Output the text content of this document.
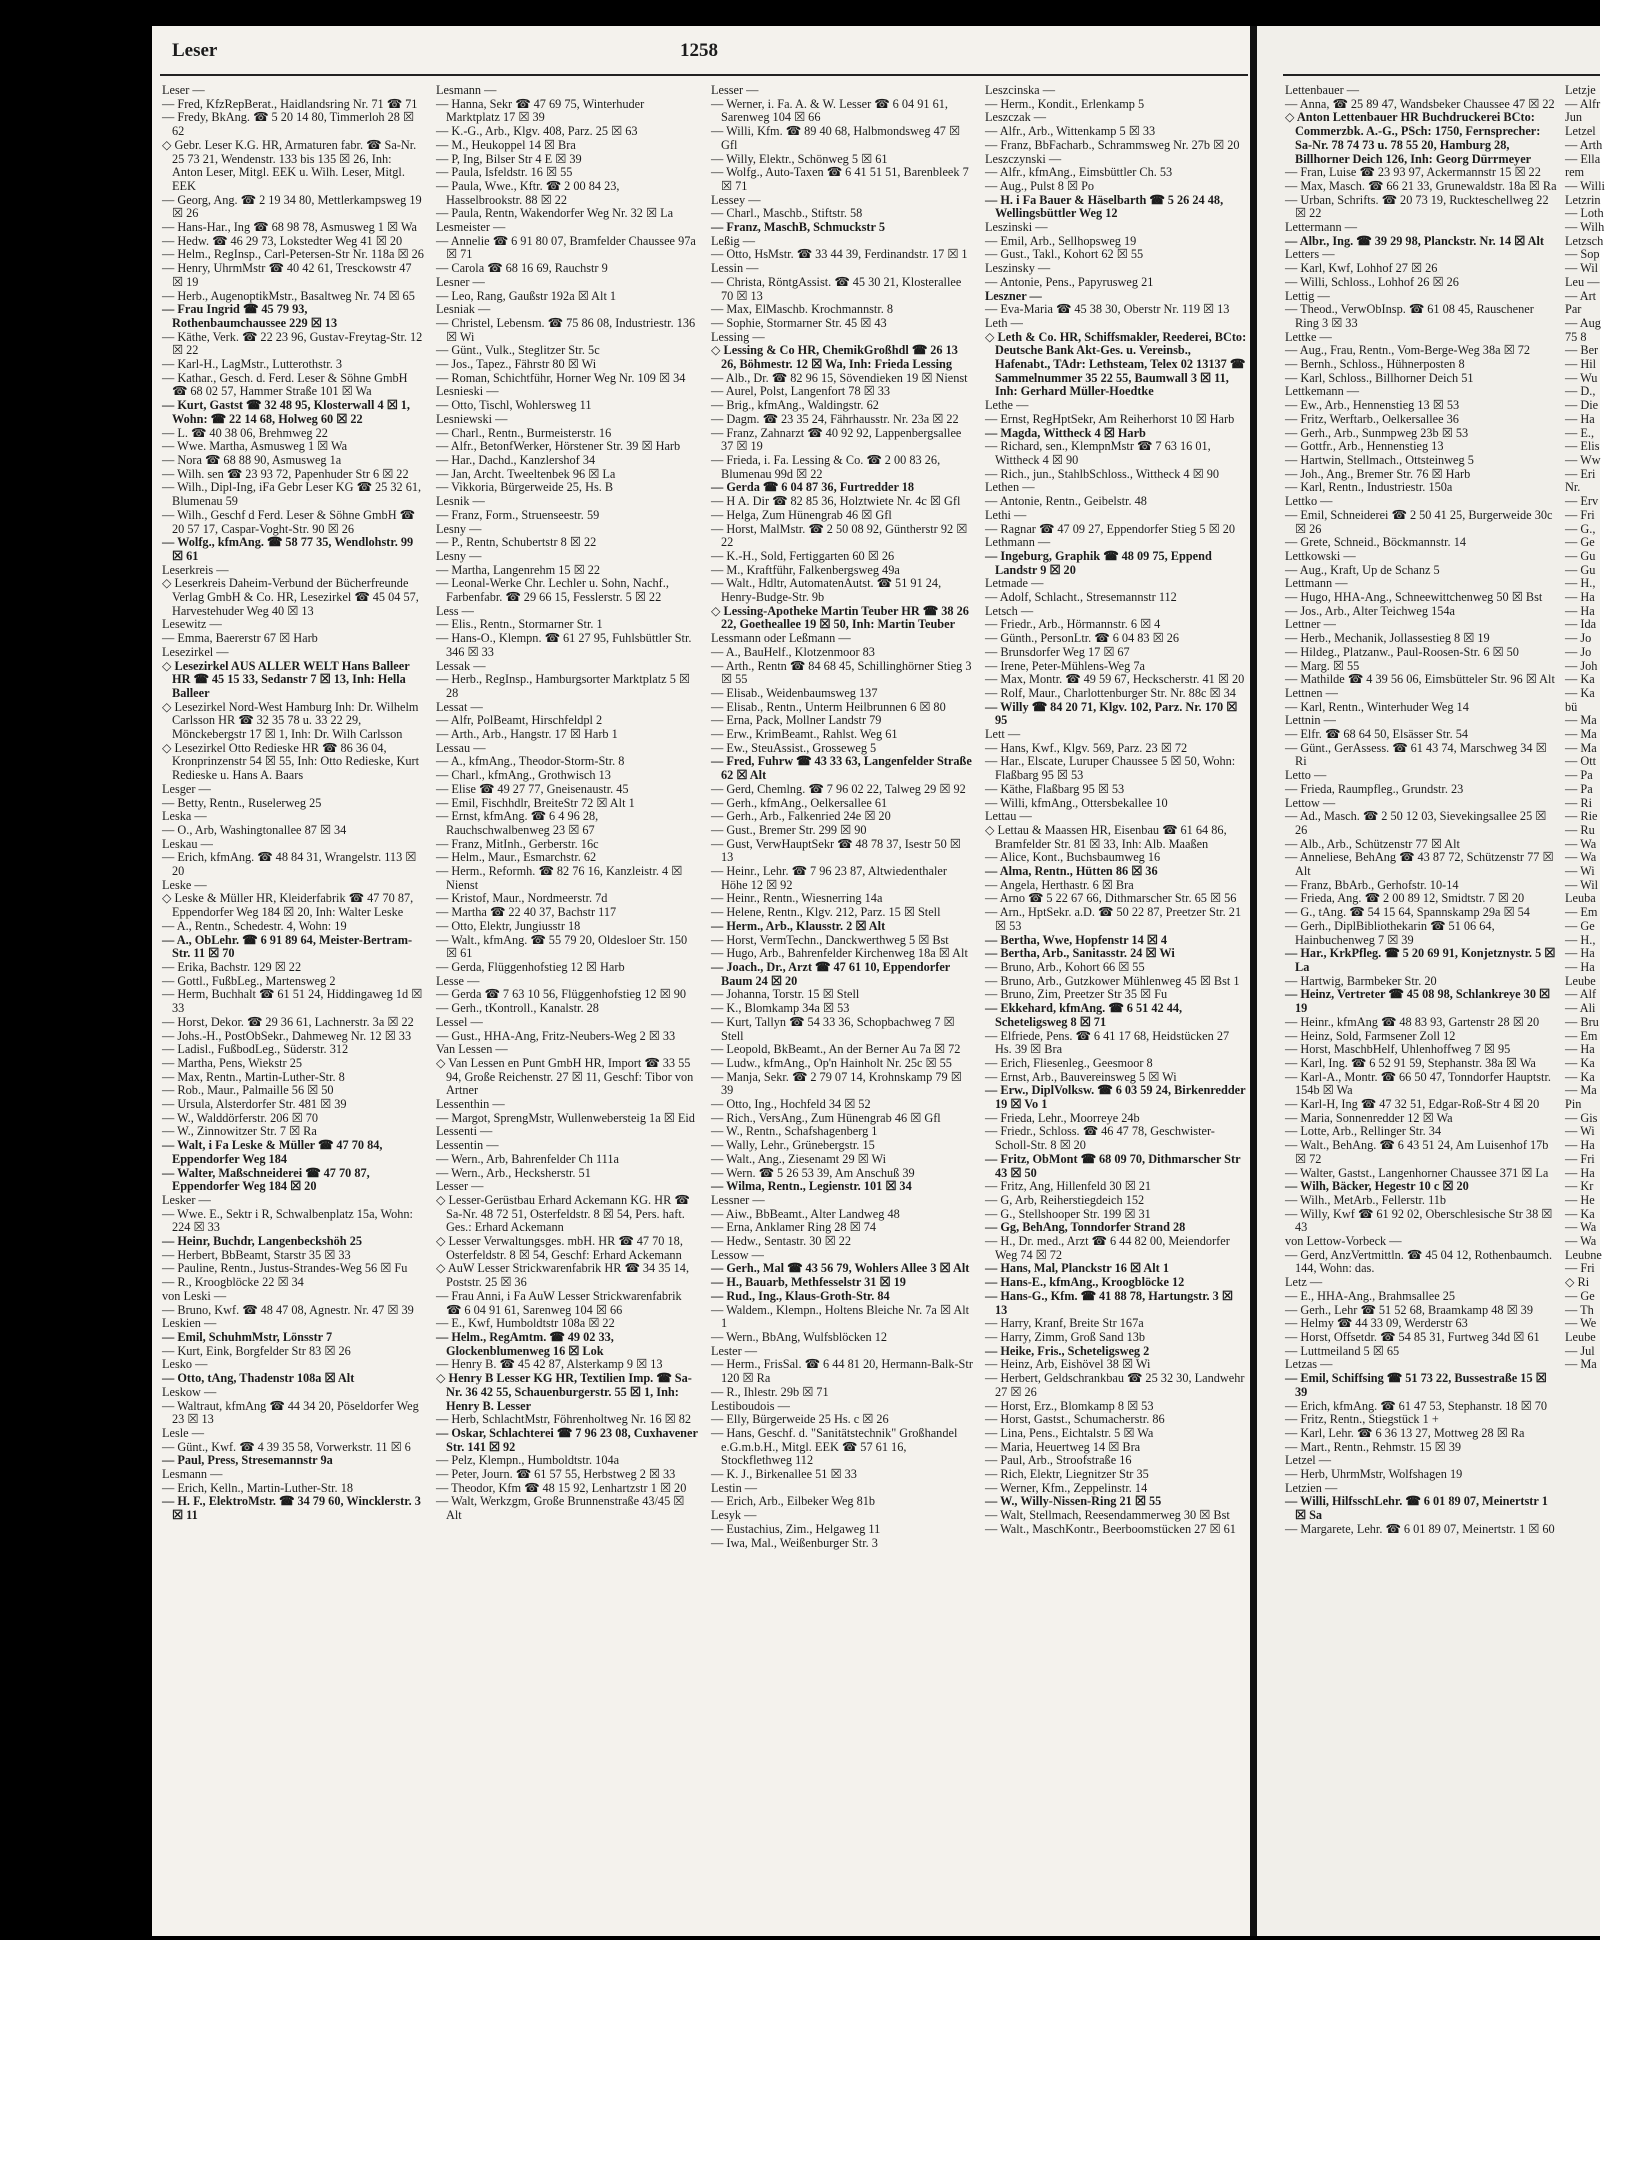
Leser	1258

Leser —

— Fred, KfzRepBerat., Haidlandsring Nr. 71 ☎ 71

— Fredy, BkAng. ☎ 5 20 14 80, Timmerloh 28 ☒ 62

◇ Gebr. Leser K.G. HR, Armaturen fabr. ☎ Sa-Nr. 25 73 21, Wendenstr. 133 bis 135 ☒ 26, Inh: Anton Leser, Mitgl. EEK u. Wilh. Leser, Mitgl. EEK

— Georg, Ang. ☎ 2 19 34 80, Mettlerkampsweg 19 ☒ 26

— Hans-Har., Ing ☎ 68 98 78, Asmusweg 1 ☒ Wa

— Hedw. ☎ 46 29 73, Lokstedter Weg 41 ☒ 20

— Helm., RegInsp., Carl-Petersen-Str Nr. 118a ☒ 26

— Henry, UhrmMstr ☎ 40 42 61, Tresckowstr 47 ☒ 19

— Herb., AugenoptikMstr., Basaltweg Nr. 74 ☒ 65

— Frau Ingrid ☎ 45 79 93, Rothenbaumchaussee 229 ☒ 13

— Käthe, Verk. ☎ 22 23 96, Gustav-Freytag-Str. 12 ☒ 22

— Karl-H., LagMstr., Lutterothstr. 3

— Kathar., Gesch. d. Ferd. Leser & Söhne GmbH ☎ 68 02 57, Hammer Straße 101 ☒ Wa

— Kurt, Gastst ☎ 32 48 95, Klosterwall 4 ☒ 1, Wohn: ☎ 22 14 68, Holweg 60 ☒ 22

— L. ☎ 40 38 06, Brehmweg 22

— Wwe. Martha, Asmusweg 1 ☒ Wa

— Nora ☎ 68 88 90, Asmusweg 1a

— Wilh. sen ☎ 23 93 72, Papenhuder Str 6 ☒ 22

— Wilh., Dipl-Ing, iFa Gebr Leser KG ☎ 25 32 61, Blumenau 59

— Wilh., Geschf d Ferd. Leser & Söhne GmbH ☎ 20 57 17, Caspar-Voght-Str. 90 ☒ 26

— Wolfg., kfmAng. ☎ 58 77 35, Wendlohstr. 99 ☒ 61

Leserkreis —

◇ Leserkreis Daheim-Verbund der Bücherfreunde Verlag GmbH & Co. HR, Lesezirkel ☎ 45 04 57, Harvestehuder Weg 40 ☒ 13

Lesewitz —

— Emma, Baererstr 67 ☒ Harb

Lesezirkel —

◇ Lesezirkel AUS ALLER WELT Hans Balleer HR ☎ 45 15 33, Sedanstr 7 ☒ 13, Inh: Hella Balleer

◇ Lesezirkel Nord-West Hamburg Inh: Dr. Wilhelm Carlsson HR ☎ 32 35 78 u. 33 22 29, Mönckebergstr 17 ☒ 1, Inh: Dr. Wilh Carlsson

◇ Lesezirkel Otto Redieske HR ☎ 86 36 04, Kronprinzenstr 54 ☒ 55, Inh: Otto Redieske, Kurt Redieske u. Hans A. Baars

Lesger —

— Betty, Rentn., Ruselerweg 25

Leska —

— O., Arb, Washingtonallee 87 ☒ 34

Leskau —

— Erich, kfmAng. ☎ 48 84 31, Wrangelstr. 113 ☒ 20

Leske —

◇ Leske & Müller HR, Kleiderfabrik ☎ 47 70 87, Eppendorfer Weg 184 ☒ 20, Inh: Walter Leske

— A., Rentn., Schedestr. 4, Wohn: 19

— A., ObLehr. ☎ 6 91 89 64, Meister-Bertram-Str. 11 ☒ 70

— Erika, Bachstr. 129 ☒ 22

— Gottl., FußbLeg., Martensweg 2

— Herm, Buchhalt ☎ 61 51 24, Hiddingaweg 1d ☒ 33

— Horst, Dekor. ☎ 29 36 61, Lachnerstr. 3a ☒ 22

— Johs.-H., PostObSekr., Dahmeweg Nr. 12 ☒ 33

— Ladisl., FußbodLeg., Süderstr. 312

— Martha, Pens, Wiekstr 25

— Max, Rentn., Martin-Luther-Str. 8

— Rob., Maur., Palmaille 56 ☒ 50

— Ursula, Alsterdorfer Str. 481 ☒ 39

— W., Walddörferstr. 206 ☒ 70

— W., Zinnowitzer Str. 7 ☒ Ra

— Walt, i Fa Leske & Müller ☎ 47 70 84, Eppendorfer Weg 184

— Walter, Maßschneiderei ☎ 47 70 87, Eppendorfer Weg 184 ☒ 20

Lesker —

— Wwe. E., Sektr i R, Schwalbenplatz 15a, Wohn: 224 ☒ 33

— Heinr, Buchdr, Langenbeckshöh 25

— Herbert, BbBeamt, Starstr 35 ☒ 33

— Pauline, Rentn., Justus-Strandes-Weg 56 ☒ Fu

— R., Kroogblöcke 22 ☒ 34

von Leski —

— Bruno, Kwf. ☎ 48 47 08, Agnestr. Nr. 47 ☒ 39

Leskien —

— Emil, SchuhmMstr, Lönsstr 7

— Kurt, Eink, Borgfelder Str 83 ☒ 26

Lesko —

— Otto, tAng, Thadenstr 108a ☒ Alt

Leskow —

— Waltraut, kfmAng ☎ 44 34 20, Pöseldorfer Weg 23 ☒ 13

Lesle —

— Günt., Kwf. ☎ 4 39 35 58, Vorwerkstr. 11 ☒ 6

— Paul, Press, Stresemannstr 9a

Lesmann —

— Erich, Kelln., Martin-Luther-Str. 18

— H. F., ElektroMstr. ☎ 34 79 60, Wincklerstr. 3 ☒ 11

Lesmann —

— Hanna, Sekr ☎ 47 69 75, Winterhuder Marktplatz 17 ☒ 39

— K.-G., Arb., Klgv. 408, Parz. 25 ☒ 63

— M., Heukoppel 14 ☒ Bra

— P, Ing, Bilser Str 4 E ☒ 39

— Paula, Isfeldstr. 16 ☒ 55

— Paula, Wwe., Kftr. ☎ 2 00 84 23, Hasselbrookstr. 88 ☒ 22

— Paula, Rentn, Wakendorfer Weg Nr. 32 ☒ La

Lesmeister —

— Annelie ☎ 6 91 80 07, Bramfelder Chaussee 97a ☒ 71

— Carola ☎ 68 16 69, Rauchstr 9

Lesner —

— Leo, Rang, Gaußstr 192a ☒ Alt 1

Lesniak —

— Christel, Lebensm. ☎ 75 86 08, Industriestr. 136 ☒ Wi

— Günt., Vulk., Steglitzer Str. 5c

— Jos., Tapez., Fährstr 80 ☒ Wi

— Roman, Schichtführ, Horner Weg Nr. 109 ☒ 34

Lesnieski —

— Otto, Tischl, Wohlersweg 11

Lesniewski —

— Charl., Rentn., Burmeisterstr. 16

— Alfr., BetonfWerker, Hörstener Str. 39 ☒ Harb

— Har., Dachd., Kanzlershof 34

— Jan, Archt. Tweeltenbek 96 ☒ La

— Vikkoria, Bürgerweide 25, Hs. B

Lesnik —

— Franz, Form., Struenseestr. 59

Lesny —

— P., Rentn, Schubertstr 8 ☒ 22

Lesny —

— Martha, Langenrehm 15 ☒ 22

— Leonal-Werke Chr. Lechler u. Sohn, Nachf., Farbenfabr. ☎ 29 66 15, Fesslerstr. 5 ☒ 22

Less —

— Elis., Rentn., Stormarner Str. 1

— Hans-O., Klempn. ☎ 61 27 95, Fuhlsbüttler Str. 346 ☒ 33

Lessak —

— Herb., RegInsp., Hamburgsorter Marktplatz 5 ☒ 28

Lessat —

— Alfr, PolBeamt, Hirschfeldpl 2

— Arth., Arb., Hangstr. 17 ☒ Harb 1

Lessau —

— A., kfmAng., Theodor-Storm-Str. 8

— Charl., kfmAng., Grothwisch 13

— Elise ☎ 49 27 77, Gneisenaustr. 45

— Emil, Fischhdlr, BreiteStr 72 ☒ Alt 1

— Ernst, kfmAng. ☎ 6 4 96 28, Rauchschwalbenweg 23 ☒ 67

— Franz, MitInh., Gerberstr. 16c

— Helm., Maur., Esmarchstr. 62

— Herm., Reformh. ☎ 82 76 16, Kanzleistr. 4 ☒ Nienst

— Kristof, Maur., Nordmeerstr. 7d

— Martha ☎ 22 40 37, Bachstr 117

— Otto, Elektr, Jungiusstr 18

— Walt., kfmAng. ☎ 55 79 20, Oldesloer Str. 150 ☒ 61

— Gerda, Flüggenhofstieg 12 ☒ Harb

Lesse —

— Gerda ☎ 7 63 10 56, Flüggenhofstieg 12 ☒ 90

— Gerh., tKontroll., Kanalstr. 28

Lessel —

— Gust., HHA-Ang, Fritz-Neubers-Weg 2 ☒ 33

Van Lessen —

◇ Van Lessen en Punt GmbH HR, Import ☎ 33 55 94, Große Reichenstr. 27 ☒ 11, Geschf: Tibor von Artner

Lessenthin —

— Margot, SprengMstr, Wullenwebersteig 1a ☒ Eid

Lessenti —

Lessentin —

— Wern., Arb, Bahrenfelder Ch 111a

— Wern., Arb., Hecksherstr. 51

Lesser —

◇ Lesser-Gerüstbau Erhard Ackemann KG. HR ☎ Sa-Nr. 48 72 51, Osterfeldstr. 8 ☒ 54, Pers. haft. Ges.: Erhard Ackemann

◇ Lesser Verwaltungsges. mbH. HR ☎ 47 70 18, Osterfeldstr. 8 ☒ 54, Geschf: Erhard Ackemann

◇ AuW Lesser Strickwarenfabrik HR ☎ 34 35 14, Poststr. 25 ☒ 36

— Frau Anni, i Fa AuW Lesser Strickwarenfabrik ☎ 6 04 91 61, Sarenweg 104 ☒ 66

— E., Kwf, Humboldtstr 108a ☒ 22

— Helm., RegAmtm. ☎ 49 02 33, Glockenblumenweg 16 ☒ Lok

— Henry B. ☎ 45 42 87, Alsterkamp 9 ☒ 13

◇ Henry B Lesser KG HR, Textilien Imp. ☎ Sa-Nr. 36 42 55, Schauenburgerstr. 55 ☒ 1, Inh: Henry B. Lesser

— Herb, SchlachtMstr, Föhrenholtweg Nr. 16 ☒ 82

— Oskar, Schlachterei ☎ 7 96 23 08, Cuxhavener Str. 141 ☒ 92

— Pelz, Klempn., Humboldtstr. 104a

— Peter, Journ. ☎ 61 57 55, Herbstweg 2 ☒ 33

— Theodor, Kfm ☎ 48 15 92, Lenhartzstr 1 ☒ 20

— Walt, Werkzgm, Große Brunnenstraße 43/45 ☒ Alt

Lesser —

— Werner, i. Fa. A. & W. Lesser ☎ 6 04 91 61, Sarenweg 104 ☒ 66

— Willi, Kfm. ☎ 89 40 68, Halbmondsweg 47 ☒ Gfl

— Willy, Elektr., Schönweg 5 ☒ 61

— Wolfg., Auto-Taxen ☎ 6 41 51 51, Barenbleek 7 ☒ 71

Lessey —

— Charl., Maschb., Stiftstr. 58

— Franz, MaschB, Schmuckstr 5

Leßig —

— Otto, HsMstr. ☎ 33 44 39, Ferdinandstr. 17 ☒ 1

Lessin —

— Christa, RöntgAssist. ☎ 45 30 21, Klosterallee 70 ☒ 13

— Max, ElMaschb. Krochmannstr. 8

— Sophie, Stormarner Str. 45 ☒ 43

Lessing —

◇ Lessing & Co HR, ChemikGroßhdl ☎ 26 13 26, Böhmestr. 12 ☒ Wa, Inh: Frieda Lessing

— Alb., Dr. ☎ 82 96 15, Sövendieken 19 ☒ Nienst

— Aurel, Polst, Langenfort 78 ☒ 33

— Brig., kfmAng., Waldingstr. 62

— Dagm. ☎ 23 35 24, Fährhausstr. Nr. 23a ☒ 22

— Franz, Zahnarzt ☎ 40 92 92, Lappenbergsallee 37 ☒ 19

— Frieda, i. Fa. Lessing & Co. ☎ 2 00 83 26, Blumenau 99d ☒ 22

— Gerda ☎ 6 04 87 36, Furtredder 18

— H A. Dir ☎ 82 85 36, Holztwiete Nr. 4c ☒ Gfl

— Helga, Zum Hünengrab 46 ☒ Gfl

— Horst, MalMstr. ☎ 2 50 08 92, Güntherstr 92 ☒ 22

— K.-H., Sold, Fertiggarten 60 ☒ 26

— M., Kraftführ, Falkenbergsweg 49a

— Walt., Hdltr, AutomatenAutst. ☎ 51 91 24, Henry-Budge-Str. 9b

◇ Lessing-Apotheke Martin Teuber HR ☎ 38 26 22, Goetheallee 19 ☒ 50, Inh: Martin Teuber

Lessmann oder Leßmann —

— A., BauHelf., Klotzenmoor 83

— Arth., Rentn ☎ 84 68 45, Schillinghörner Stieg 3 ☒ 55

— Elisab., Weidenbaumsweg 137

— Elisab., Rentn., Unterm Heilbrunnen 6 ☒ 80

— Erna, Pack, Mollner Landstr 79

— Erw., KrimBeamt., Rahlst. Weg 61

— Ew., SteuAssist., Grosseweg 5

— Fred, Fuhrw ☎ 43 33 63, Langenfelder Straße 62 ☒ Alt

— Gerd, Chemlng. ☎ 7 96 02 22, Talweg 29 ☒ 92

— Gerh., kfmAng., Oelkersallee 61

— Gerh., Arb., Falkenried 24e ☒ 20

— Gust., Bremer Str. 299 ☒ 90

— Gust, VerwHauptSekr ☎ 48 78 37, Isestr 50 ☒ 13

— Heinr., Lehr. ☎ 7 96 23 87, Altwiedenthaler Höhe 12 ☒ 92

— Heinr., Rentn., Wiesnerring 14a

— Helene, Rentn., Klgv. 212, Parz. 15 ☒ Stell

— Herm., Arb., Klausstr. 2 ☒ Alt

— Horst, VermTechn., Danckwerthweg 5 ☒ Bst

— Hugo, Arb., Bahrenfelder Kirchenweg 18a ☒ Alt

— Joach., Dr., Arzt ☎ 47 61 10, Eppendorfer Baum 24 ☒ 20

— Johanna, Torstr. 15 ☒ Stell

— K., Blomkamp 34a ☒ 53

— Kurt, Tallyn ☎ 54 33 36, Schopbachweg 7 ☒ Stell

— Leopold, BkBeamt., An der Berner Au 7a ☒ 72

— Ludw., kfmAng., Op'n Hainholt Nr. 25c ☒ 55

— Manja, Sekr. ☎ 2 79 07 14, Krohnskamp 79 ☒ 39

— Otto, Ing., Hochfeld 34 ☒ 52

— Rich., VersAng., Zum Hünengrab 46 ☒ Gfl

— W., Rentn., Schafshagenberg 1

— Wally, Lehr., Grünebergstr. 15

— Walt., Ang., Ziesenamt 29 ☒ Wi

— Wern. ☎ 5 26 53 39, Am Anschuß 39

— Wilma, Rentn., Legienstr. 101 ☒ 34

Lessner —

— Aiw., BbBeamt., Alter Landweg 48

— Erna, Anklamer Ring 28 ☒ 74

— Hedw., Sentastr. 30 ☒ 22

Lessow —

— Gerh., Mal ☎ 43 56 79, Wohlers Allee 3 ☒ Alt

— H., Bauarb, Methfesselstr 31 ☒ 19

— Rud., Ing., Klaus-Groth-Str. 84

— Waldem., Klempn., Holtens Bleiche Nr. 7a ☒ Alt 1

— Wern., BbAng, Wulfsblöcken 12

Lester —

— Herm., FrisSal. ☎ 6 44 81 20, Hermann-Balk-Str 120 ☒ Ra

— R., Ihlestr. 29b ☒ 71

Lestiboudois —

— Elly, Bürgerweide 25 Hs. c ☒ 26

— Hans, Geschf. d. "Sanitätstechnik" Großhandel e.G.m.b.H., Mitgl. EEK ☎ 57 61 16, Stockflethweg 112

— K. J., Birkenallee 51 ☒ 33

Lestin —

— Erich, Arb., Eilbeker Weg 81b

Lesyk —

— Eustachius, Zim., Helgaweg 11

— Iwa, Mal., Weißenburger Str. 3

Leszcinska —

— Herm., Kondit., Erlenkamp 5

Leszczak —

— Alfr., Arb., Wittenkamp 5 ☒ 33

— Franz, BbFacharb., Schrammsweg Nr. 27b ☒ 20

Leszczynski —

— Alfr., kfmAng., Eimsbüttler Ch. 53

— Aug., Pulst 8 ☒ Po

— H. i Fa Bauer & Häselbarth ☎ 5 26 24 48, Wellingsbüttler Weg 12

Leszinski —

— Emil, Arb., Sellhopsweg 19

— Gust., Takl., Kohort 62 ☒ 55

Leszinsky —

— Antonie, Pens., Papyrusweg 21

Leszner —

— Eva-Maria ☎ 45 38 30, Oberstr Nr. 119 ☒ 13

Leth —

◇ Leth & Co. HR, Schiffsmakler, Reederei, BCto: Deutsche Bank Akt-Ges. u. Vereinsb., Hafenabt., TAdr: Lethsteam, Telex 02 13137 ☎ Sammelnummer 35 22 55, Baumwall 3 ☒ 11, Inh: Gerhard Müller-Hoedtke

Lethe —

— Ernst, RegHptSekr, Am Reiherhorst 10 ☒ Harb

— Magda, Wittheck 4 ☒ Harb

— Richard, sen., KlempnMstr ☎ 7 63 16 01, Wittheck 4 ☒ 90

— Rich., jun., StahlbSchloss., Wittheck 4 ☒ 90

Lethen —

— Antonie, Rentn., Geibelstr. 48

Lethi —

— Ragnar ☎ 47 09 27, Eppendorfer Stieg 5 ☒ 20

Lethmann —

— Ingeburg, Graphik ☎ 48 09 75, Eppend Landstr 9 ☒ 20

Letmade —

— Adolf, Schlacht., Stresemannstr 112

Letsch —

— Friedr., Arb., Hörmannstr. 6 ☒ 4

— Günth., PersonLtr. ☎ 6 04 83 ☒ 26

— Brunsdorfer Weg 17 ☒ 67

— Irene, Peter-Mühlens-Weg 7a

— Max, Montr. ☎ 49 59 67, Heckscherstr. 41 ☒ 20

— Rolf, Maur., Charlottenburger Str. Nr. 88c ☒ 34

— Willy ☎ 84 20 71, Klgv. 102, Parz. Nr. 170 ☒ 95

Lett —

— Hans, Kwf., Klgv. 569, Parz. 23 ☒ 72

— Har., Elscate, Luruper Chaussee 5 ☒ 50, Wohn: Flaßbarg 95 ☒ 53

— Käthe, Flaßbarg 95 ☒ 53

— Willi, kfmAng., Ottersbekallee 10

Lettau —

◇ Lettau & Maassen HR, Eisenbau ☎ 61 64 86, Bramfelder Str. 81 ☒ 33, Inh: Alb. Maaßen

— Alice, Kont., Buchsbaumweg 16

— Alma, Rentn., Hütten 86 ☒ 36

— Angela, Herthastr. 6 ☒ Bra

— Arno ☎ 5 22 67 66, Dithmarscher Str. 65 ☒ 56

— Arn., HptSekr. a.D. ☎ 50 22 87, Preetzer Str. 21 ☒ 53

— Bertha, Wwe, Hopfenstr 14 ☒ 4

— Bertha, Arb., Sanitasstr. 24 ☒ Wi

— Bruno, Arb., Kohort 66 ☒ 55

— Bruno, Arb., Gutzkower Mühlenweg 45 ☒ Bst 1

— Bruno, Zim, Preetzer Str 35 ☒ Fu

— Ekkehard, kfmAng. ☎ 6 51 42 44, Scheteligsweg 8 ☒ 71

— Elfriede, Pens. ☎ 6 41 17 68, Heidstücken 27 Hs. 39 ☒ Bra

— Erich, Fliesenleg., Geesmoor 8

— Ernst, Arb., Bauvereinsweg 5 ☒ Wi

— Erw., DiplVolksw. ☎ 6 03 59 24, Birkenredder 19 ☒ Vo 1

— Frieda, Lehr., Moorreye 24b

— Friedr., Schloss. ☎ 46 47 78, Geschwister-Scholl-Str. 8 ☒ 20

— Fritz, ObMont ☎ 68 09 70, Dithmarscher Str 43 ☒ 50

— Fritz, Ang, Hillenfeld 30 ☒ 21

— G, Arb, Reiherstiegdeich 152

— G., Stellshooper Str. 199 ☒ 31

— Gg, BehAng, Tonndorfer Strand 28

— H., Dr. med., Arzt ☎ 6 44 82 00, Meiendorfer Weg 74 ☒ 72

— Hans, Mal, Planckstr 16 ☒ Alt 1

— Hans-E., kfmAng., Kroogblöcke 12

— Hans-G., Kfm. ☎ 41 88 78, Hartungstr. 3 ☒ 13

— Harry, Kranf, Breite Str 167a

— Harry, Zimm, Groß Sand 13b

— Heike, Fris., Scheteligsweg 2

— Heinz, Arb, Eishövel 38 ☒ Wi

— Herbert, Geldschrankbau ☎ 25 32 30, Landwehr 27 ☒ 26

— Horst, Erz., Blomkamp 8 ☒ 53

— Horst, Gastst., Schumacherstr. 86

— Lina, Pens., Eichtalstr. 5 ☒ Wa

— Maria, Heuertweg 14 ☒ Bra

— Paul, Arb., Stroofstraße 16

— Rich, Elektr, Liegnitzer Str 35

— Werner, Kfm., Zeppelinstr. 14

— W., Willy-Nissen-Ring 21 ☒ 55

— Walt, Stellmach, Reesendammerweg 30 ☒ Bst

— Walt., MaschKontr., Beerboomstücken 27 ☒ 61

Lettenbauer —

— Anna, ☎ 25 89 47, Wandsbeker Chaussee 47 ☒ 22

◇ Anton Lettenbauer HR Buchdruckerei BCto: Commerzbk. A.-G., PSch: 1750, Fernsprecher: Sa-Nr. 78 74 73 u. 78 55 20, Hamburg 28, Billhorner Deich 126, Inh: Georg Dürrmeyer

— Fran, Luise ☎ 23 93 97, Ackermannstr 15 ☒ 22

— Max, Masch. ☎ 66 21 33, Grunewaldstr. 18a ☒ Ra

— Urban, Schrifts. ☎ 20 73 19, Ruckteschellweg 22 ☒ 22

Lettermann —

— Albr., Ing. ☎ 39 29 98, Planckstr. Nr. 14 ☒ Alt

Letters —

— Karl, Kwf, Lohhof 27 ☒ 26

— Willi, Schloss., Lohhof 26 ☒ 26

Lettig —

— Theod., VerwObInsp. ☎ 61 08 45, Rauschener Ring 3 ☒ 33

Lettke —

— Aug., Frau, Rentn., Vom-Berge-Weg 38a ☒ 72

— Bernh., Schloss., Hühnerposten 8

— Karl, Schloss., Billhorner Deich 51

Lettkemann —

— Ew., Arb., Hennenstieg 13 ☒ 53

— Fritz, Werftarb., Oelkersallee 36

— Gerh., Arb., Sunmpweg 23b ☒ 53

— Gottfr., Arb., Hennenstieg 13

— Hartwin, Stellmach., Ottsteinweg 5

— Joh., Ang., Bremer Str. 76 ☒ Harb

— Karl, Rentn., Industriestr. 150a

Lettko —

— Emil, Schneiderei ☎ 2 50 41 25, Burgerweide 30c ☒ 26

— Grete, Schneid., Böckmannstr. 14

Lettkowski —

— Aug., Kraft, Up de Schanz 5

Lettmann —

— Hugo, HHA-Ang., Schneewittchenweg 50 ☒ Bst

— Jos., Arb., Alter Teichweg 154a

Lettner —

— Herb., Mechanik, Jollassestieg 8 ☒ 19

— Hildeg., Platzanw., Paul-Roosen-Str. 6 ☒ 50

— Marg. ☒ 55

— Mathilde ☎ 4 39 56 06, Eimsbütteler Str. 96 ☒ Alt

Lettnen —

— Karl, Rentn., Winterhuder Weg 14

Lettnin —

— Elfr. ☎ 68 64 50, Elsässer Str. 54

— Günt., GerAssess. ☎ 61 43 74, Marschweg 34 ☒ Ri

Letto —

— Frieda, Raumpfleg., Grundstr. 23

Lettow —

— Ad., Masch. ☎ 2 50 12 03, Sievekingsallee 25 ☒ 26

— Alb., Arb., Schützenstr 77 ☒ Alt

— Anneliese, BehAng ☎ 43 87 72, Schützenstr 77 ☒ Alt

— Franz, BbArb., Gerhofstr. 10-14

— Frieda, Ang. ☎ 2 00 89 12, Smidtstr. 7 ☒ 20

— G., tAng. ☎ 54 15 64, Spannskamp 29a ☒ 54

— Gerh., DiplBibliothekarin ☎ 51 06 64, Hainbuchenweg 7 ☒ 39

— Har., KrkPfleg. ☎ 5 20 69 91, Konjetznystr. 5 ☒ La

— Hartwig, Barmbeker Str. 20

— Heinz, Vertreter ☎ 45 08 98, Schlankreye 30 ☒ 19

— Heinr., kfmAng ☎ 48 83 93, Gartenstr 28 ☒ 20

— Heinz, Sold, Farmsener Zoll 12

— Horst, MaschbHelf, Uhlenhoffweg 7 ☒ 95

— Karl, Ing. ☎ 6 52 91 59, Stephanstr. 38a ☒ Wa

— Karl-A., Montr. ☎ 66 50 47, Tonndorfer Hauptstr. 154b ☒ Wa

— Karl-H, Ing ☎ 47 32 51, Edgar-Roß-Str 4 ☒ 20

— Maria, Sonnenredder 12 ☒ Wa

— Lotte, Arb., Rellinger Str. 34

— Walt., BehAng. ☎ 6 43 51 24, Am Luisenhof 17b ☒ 72

— Walter, Gastst., Langenhorner Chaussee 371 ☒ La

— Wilh, Bäcker, Hegestr 10 c ☒ 20

— Wilh., MetArb., Fellerstr. 11b

— Willy, Kwf ☎ 61 92 02, Oberschlesische Str 38 ☒ 43

von Lettow-Vorbeck —

— Gerd, AnzVertmittln. ☎ 45 04 12, Rothenbaumch. 144, Wohn: das.

Letz —

— E., HHA-Ang., Brahmsallee 25

— Gerh., Lehr ☎ 51 52 68, Braamkamp 48 ☒ 39

— Helmy ☎ 44 33 09, Werderstr 63

— Horst, Offsetdr. ☎ 54 85 31, Furtweg 34d ☒ 61

— Luttmeiland 5 ☒ 65

Letzas —

— Emil, Schiffsing ☎ 51 73 22, Bussestraße 15 ☒ 39

— Erich, kfmAng. ☎ 61 47 53, Stephanstr. 18 ☒ 70

— Fritz, Rentn., Stiegstück 1 +

— Karl, Lehr. ☎ 6 36 13 27, Mottweg 28 ☒ Ra

— Mart., Rentn., Rehmstr. 15 ☒ 39

Letzel —

— Herb, UhrmMstr, Wolfshagen 19

Letzien —

— Willi, HilfsschLehr. ☎ 6 01 89 07, Meinertstr 1 ☒ Sa

— Margarete, Lehr. ☎ 6 01 89 07, Meinertstr. 1 ☒ 60

Letzje

— Alfr

Jun

Letzel

— Arth

— Ella

rem

— Willi

Letzrin

— Loth

— Wilh

Letzsch

— Sop

— Wil

Leu —

— Art

Par

— Aug

75 8

— Ber

— Hil

— Wu

— D.,

— Die

— Ha

— E.,

— Elis

— Ww

— Eri

Nr.

— Erv

— Fri

— G.,

— Ge

— Gu

— Gu

— H.,

— Ha

— Ha

— Ida

— Jo

— Jo

— Joh

— Ka

— Ka

bü

— Ma

— Ma

— Ma

— Ott

— Pa

— Pa

— Ri

— Rie

— Ru

— Wa

— Wa

— Wi

— Wil

Leuba

— Em

— Ge

— H.,

— Ha

— Ha

Leube

— Alf

— Ali

— Bru

— Em

— Ha

— Ka

— Ka

— Ma

Pin

— Gis

— Wi

— Ha

— Fri

— Ha

— Kr

— He

— Ka

— Wa

— Wa

Leubne

— Fri

◇ Ri

— Ge

— Th

— We

Leube

— Jul

— Ma
